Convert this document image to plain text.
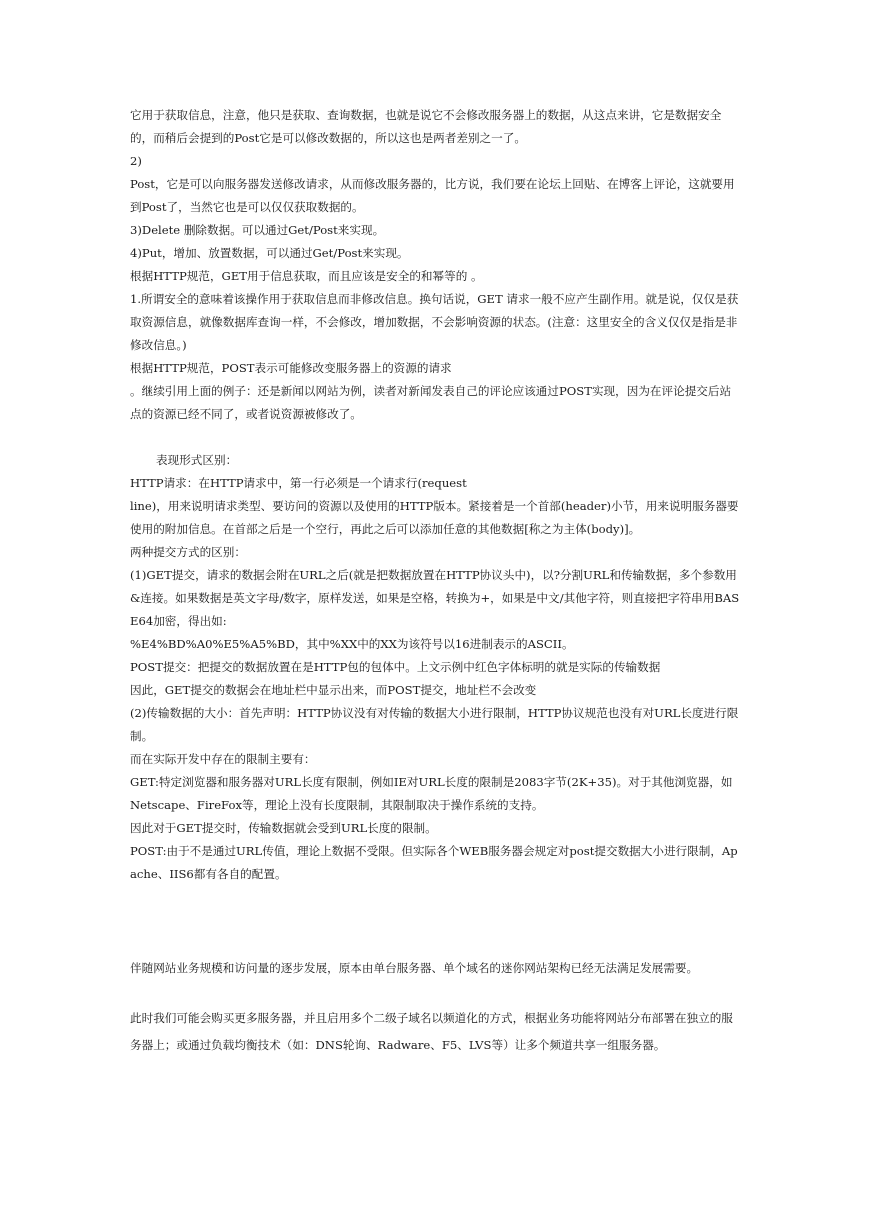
它用于获取信息，注意，他只是获取、查询数据，也就是说它不会修改服务器上的数据，从这点来讲，它是数据安全的，而稍后会提到的Post它是可以修改数据的，所以这也是两者差别之一了。

2)

Post，它是可以向服务器发送修改请求，从而修改服务器的，比方说，我们要在论坛上回贴、在博客上评论，这就要用到Post了，当然它也是可以仅仅获取数据的。

3)Delete 删除数据。可以通过Get/Post来实现。

4)Put，增加、放置数据，可以通过Get/Post来实现。

根据HTTP规范，GET用于信息获取，而且应该是安全的和幂等的 。

1.所谓安全的意味着该操作用于获取信息而非修改信息。换句话说，GET 请求一般不应产生副作用。就是说，仅仅是获取资源信息，就像数据库查询一样，不会修改，增加数据，不会影响资源的状态。(注意：这里安全的含义仅仅是指是非修改信息。)

根据HTTP规范，POST表示可能修改变服务器上的资源的请求

。继续引用上面的例子：还是新闻以网站为例，读者对新闻发表自己的评论应该通过POST实现，因为在评论提交后站点的资源已经不同了，或者说资源被修改了。

表现形式区别：

HTTP请求：在HTTP请求中，第一行必须是一个请求行(request

line)，用来说明请求类型、要访问的资源以及使用的HTTP版本。紧接着是一个首部(header)小节，用来说明服务器要使用的附加信息。在首部之后是一个空行，再此之后可以添加任意的其他数据[称之为主体(body)]。

两种提交方式的区别：

(1)GET提交，请求的数据会附在URL之后(就是把数据放置在HTTP协议头中)，以?分割URL和传输数据，多个参数用&连接。如果数据是英文字母/数字，原样发送，如果是空格，转换为+，如果是中文/其他字符，则直接把字符串用BASE64加密，得出如:

%E4%BD%A0%E5%A5%BD，其中%XX中的XX为该符号以16进制表示的ASCII。

POST提交：把提交的数据放置在是HTTP包的包体中。上文示例中红色字体标明的就是实际的传输数据

因此，GET提交的数据会在地址栏中显示出来，而POST提交，地址栏不会改变

(2)传输数据的大小：首先声明：HTTP协议没有对传输的数据大小进行限制，HTTP协议规范也没有对URL长度进行限制。

而在实际开发中存在的限制主要有：

GET:特定浏览器和服务器对URL长度有限制，例如IE对URL长度的限制是2083字节(2K+35)。对于其他浏览器，如Netscape、FireFox等，理论上没有长度限制，其限制取决于操作系统的支持。

因此对于GET提交时，传输数据就会受到URL长度的限制。

POST:由于不是通过URL传值，理论上数据不受限。但实际各个WEB服务器会规定对post提交数据大小进行限制，Apache、IIS6都有各自的配置。

伴随网站业务规模和访问量的逐步发展，原本由单台服务器、单个域名的迷你网站架构已经无法满足发展需要。

此时我们可能会购买更多服务器，并且启用多个二级子域名以频道化的方式，根据业务功能将网站分布部署在独立的服务器上；或通过负载均衡技术（如：DNS轮询、Radware、F5、LVS等）让多个频道共享一组服务器。
